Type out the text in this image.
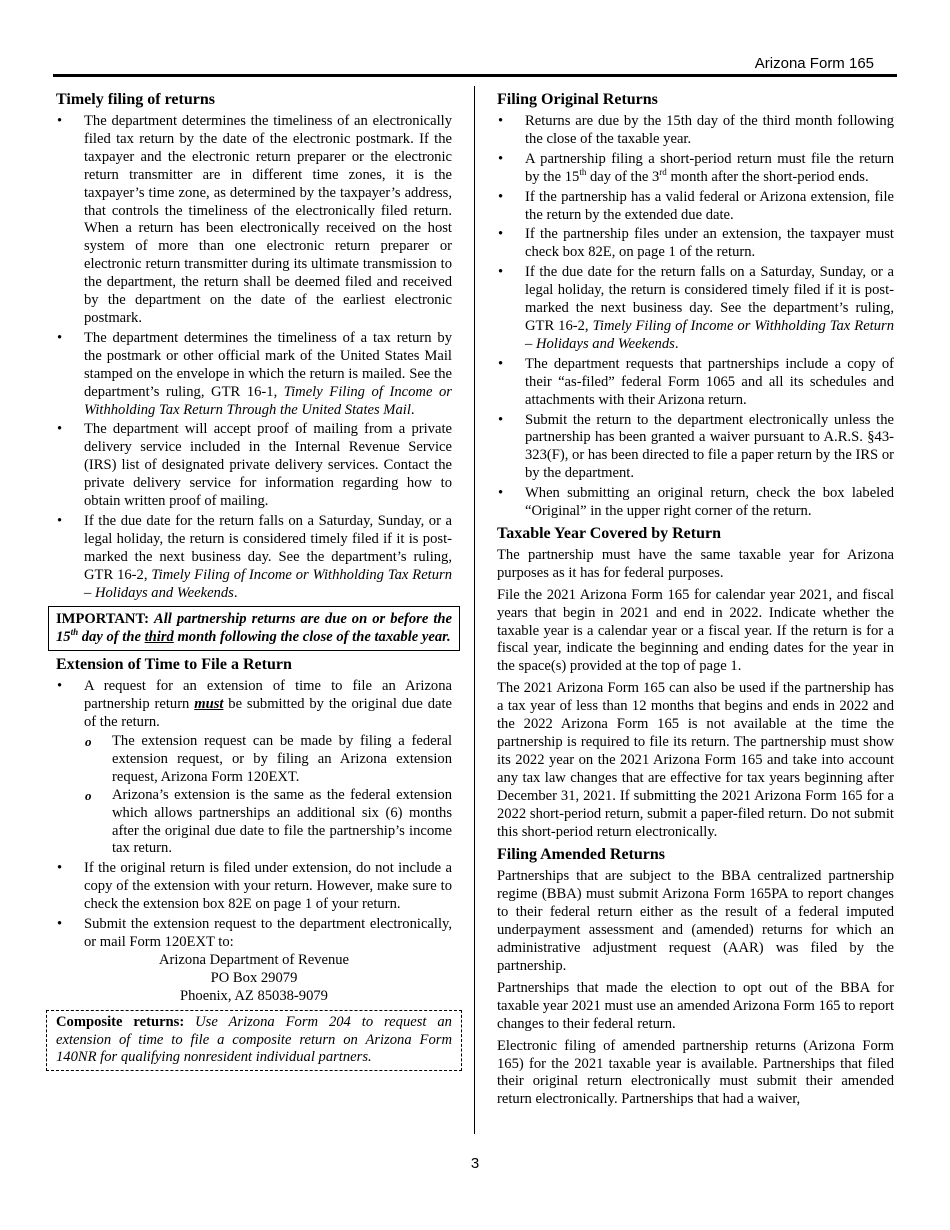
Arizona Form 165
Timely filing of returns
• The department determines the timeliness of an electronically filed tax return by the date of the electronic postmark. If the taxpayer and the electronic return preparer or the electronic return transmitter are in different time zones, it is the taxpayer’s time zone, as determined by the taxpayer’s address, that controls the timeliness of the electronically filed return. When a return has been electronically received on the host system of more than one electronic return preparer or electronic return transmitter during its ultimate transmission to the department, the return shall be deemed filed and received by the department on the date of the earliest electronic postmark.
• The department determines the timeliness of a tax return by the postmark or other official mark of the United States Mail stamped on the envelope in which the return is mailed. See the department’s ruling, GTR 16-1, Timely Filing of Income or Withholding Tax Return Through the United States Mail.
• The department will accept proof of mailing from a private delivery service included in the Internal Revenue Service (IRS) list of designated private delivery services. Contact the private delivery service for information regarding how to obtain written proof of mailing.
• If the due date for the return falls on a Saturday, Sunday, or a legal holiday, the return is considered timely filed if it is post-marked the next business day. See the department’s ruling, GTR 16-2, Timely Filing of Income or Withholding Tax Return – Holidays and Weekends.
IMPORTANT: All partnership returns are due on or before the 15th day of the third month following the close of the taxable year.
Extension of Time to File a Return
• A request for an extension of time to file an Arizona partnership return must be submitted by the original due date of the return.
o The extension request can be made by filing a federal extension request, or by filing an Arizona extension request, Arizona Form 120EXT.
o Arizona’s extension is the same as the federal extension which allows partnerships an additional six (6) months after the original due date to file the partnership’s income tax return.
• If the original return is filed under extension, do not include a copy of the extension with your return. However, make sure to check the extension box 82E on page 1 of your return.
• Submit the extension request to the department electronically, or mail Form 120EXT to:
Arizona Department of Revenue
PO Box 29079
Phoenix, AZ 85038-9079
Composite returns: Use Arizona Form 204 to request an extension of time to file a composite return on Arizona Form 140NR for qualifying nonresident individual partners.
Filing Original Returns
• Returns are due by the 15th day of the third month following the close of the taxable year.
• A partnership filing a short-period return must file the return by the 15th day of the 3rd month after the short-period ends.
• If the partnership has a valid federal or Arizona extension, file the return by the extended due date.
• If the partnership files under an extension, the taxpayer must check box 82E, on page 1 of the return.
• If the due date for the return falls on a Saturday, Sunday, or a legal holiday, the return is considered timely filed if it is post-marked the next business day. See the department’s ruling, GTR 16-2, Timely Filing of Income or Withholding Tax Return – Holidays and Weekends.
• The department requests that partnerships include a copy of their “as-filed” federal Form 1065 and all its schedules and attachments with their Arizona return.
• Submit the return to the department electronically unless the partnership has been granted a waiver pursuant to A.R.S. §43-323(F), or has been directed to file a paper return by the IRS or by the department.
• When submitting an original return, check the box labeled “Original” in the upper right corner of the return.
Taxable Year Covered by Return

The partnership must have the same taxable year for Arizona purposes as it has for federal purposes.

File the 2021 Arizona Form 165 for calendar year 2021, and fiscal years that begin in 2021 and end in 2022. Indicate whether the taxable year is a calendar year or a fiscal year. If the return is for a fiscal year, indicate the beginning and ending dates for the year in the space(s) provided at the top of page 1.

The 2021 Arizona Form 165 can also be used if the partnership has a tax year of less than 12 months that begins and ends in 2022 and the 2022 Arizona Form 165 is not available at the time the partnership is required to file its return. The partnership must show its 2022 year on the 2021 Arizona Form 165 and take into account any tax law changes that are effective for tax years beginning after December 31, 2021. If submitting the 2021 Arizona Form 165 for a 2022 short-period return, submit a paper-filed return. Do not submit this short-period return electronically.

Filing Amended Returns

Partnerships that are subject to the BBA centralized partnership regime (BBA) must submit Arizona Form 165PA to report changes to their federal return either as the result of a federal imputed underpayment assessment and (amended) returns for which an administrative adjustment request (AAR) was filed by the partnership.

Partnerships that made the election to opt out of the BBA for taxable year 2021 must use an amended Arizona Form 165 to report changes to their federal return.

Electronic filing of amended partnership returns (Arizona Form 165) for the 2021 taxable year is available. Partnerships that filed their original return electronically must submit their amended return electronically. Partnerships that had a waiver,

3
